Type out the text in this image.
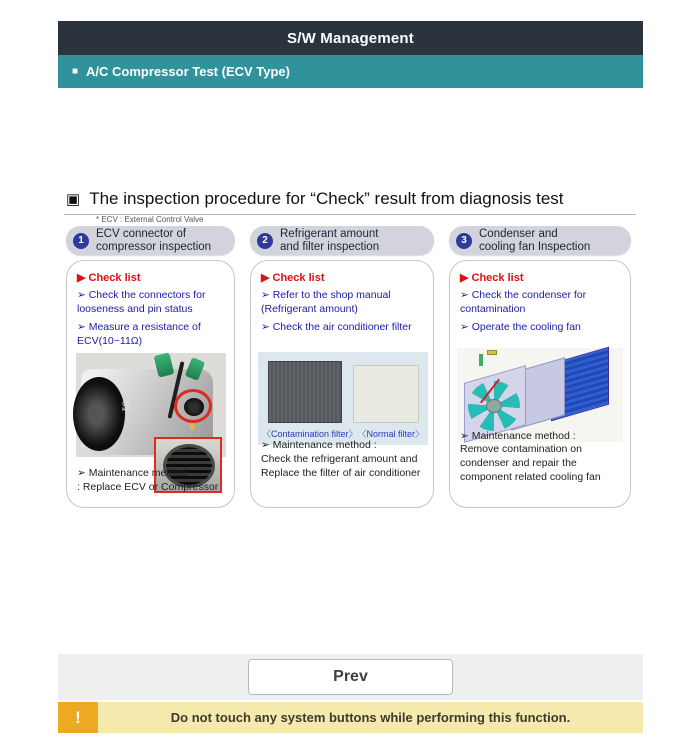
S/W Management
■ A/C Compressor Test (ECV Type)
▣ The inspection procedure for “Check” result from diagnosis test
* ECV : External Control Valve
1
ECV connector of
compressor inspection
▶ Check list
➢ Check the connectors for looseness and pin status
➢ Measure a resistance of ECV(10~11Ω)
S1
▼
➢ Maintenance method
: Replace ECV or Compressor
2
Refrigerant amount
and filter inspection
▶ Check list
➢ Refer to the shop manual (Refrigerant amount)
➢ Check the air conditioner filter
〈Contamination filter〉 〈Normal filter〉
➢ Maintenance method :
Check the refrigerant amount and
Replace the filter of air conditioner
3
Condenser and
cooling fan Inspection
▶ Check list
➢ Check the condenser for contamination
➢ Operate the cooling fan
➢ Maintenance method :
Remove contamination on
condenser and repair the
component related cooling fan
Prev
!	Do not touch any system buttons while performing this function.
